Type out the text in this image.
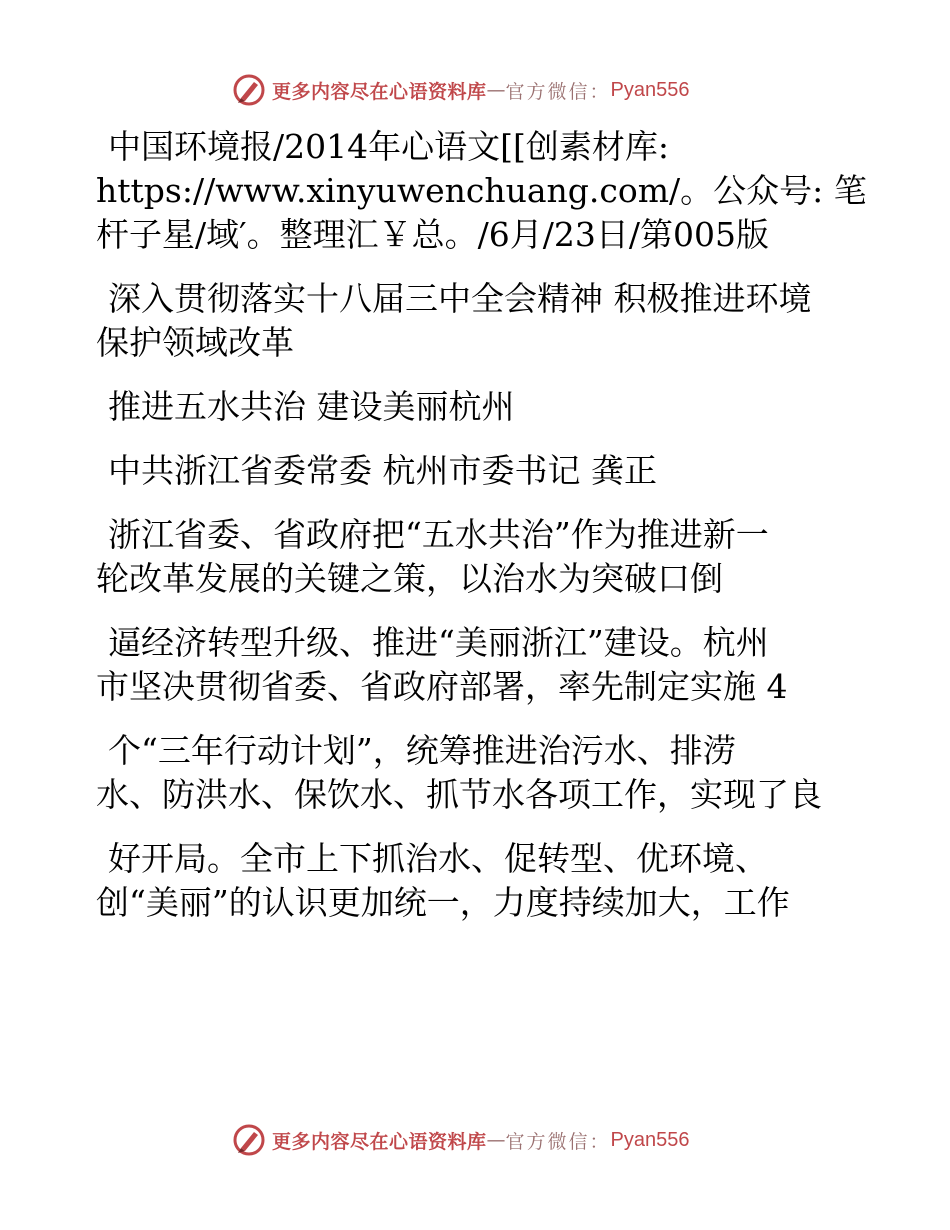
更多内容尽在心语资料库 — 官方微信： Pyan556

中国环境报/2014年心语文[[创素材库:
https://www.xinyuwenchuang.com/。公众号: 笔
杆子星/域′。整理汇￥总。/6月/23日/第005版

深入贯彻落实十八届三中全会精神 积极推进环境
保护领域改革

推进五水共治 建设美丽杭州

中共浙江省委常委 杭州市委书记 龚正

浙江省委、省政府把“五水共治”作为推进新一
轮改革发展的关键之策，以治水为突破口倒

逼经济转型升级、推进“美丽浙江”建设。杭州
市坚决贯彻省委、省政府部署，率先制定实施 4

个“三年行动计划”，统筹推进治污水、排涝
水、防洪水、保饮水、抓节水各项工作，实现了良

好开局。全市上下抓治水、促转型、优环境、
创“美丽”的认识更加统一，力度持续加大，工作

更多内容尽在心语资料库 — 官方微信： Pyan556
